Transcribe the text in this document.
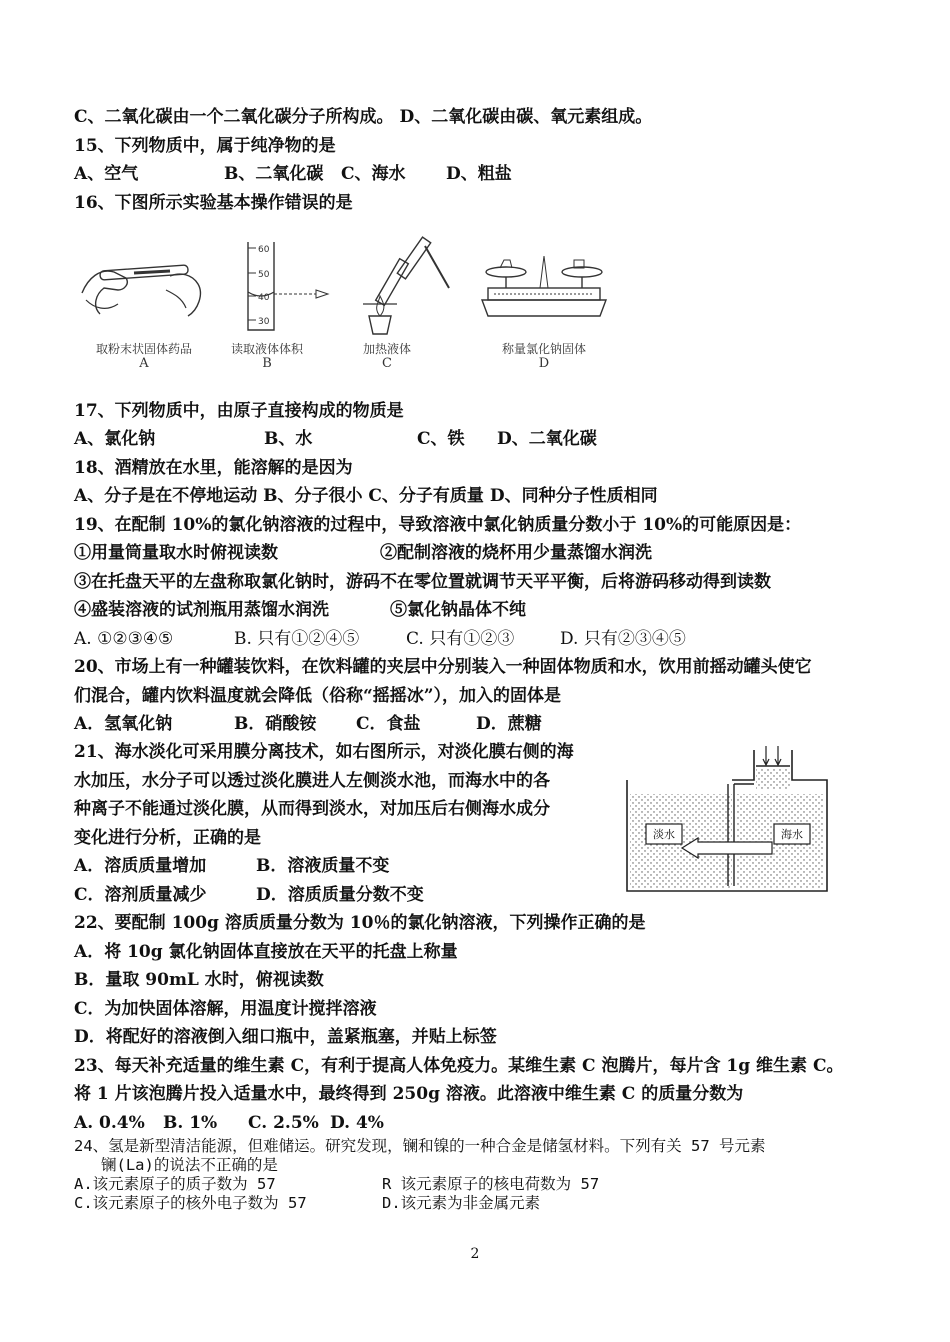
C、二氧化碳由一个二氧化碳分子所构成。 D、二氧化碳由碳、氧元素组成。
15、下列物质中，属于纯净物的是
A、空气	B、二氧化碳 C、海水 D、粗盐
16、下图所示实验基本操作错误的是
60
50
40
30
取粉末状固体药品	读取液体体积	加热液体	称量氯化钠固体
A	B	C	D
17、下列物质中，由原子直接构成的物质是
A、氯化钠	B、水	C、铁 D、二氧化碳
18、酒精放在水里，能溶解的是因为
A、分子是在不停地运动 B、分子很小 C、分子有质量 D、同种分子性质相同
19、在配制 10%的氯化钠溶液的过程中，导致溶液中氯化钠质量分数小于 10%的可能原因是：
①用量筒量取水时俯视读数	②配制溶液的烧杯用少量蒸馏水润洗
③在托盘天平的左盘称取氯化钠时，游码不在零位置就调节天平平衡，后将游码移动得到读数
④盛装溶液的试剂瓶用蒸馏水润洗	⑤氯化钠晶体不纯
A. ①②③④⑤	B. 只有①②④⑤	C. 只有①②③	D. 只有②③④⑤
20、市场上有一种罐装饮料，在饮料罐的夹层中分别装入一种固体物质和水，饮用前摇动罐头使它
们混合，罐内饮料温度就会降低（俗称“摇摇冰”），加入的固体是
A．氢氧化钠	B．硝酸铵 C．食盐	D．蔗糖
21、海水淡化可采用膜分离技术，如右图所示，对淡化膜右侧的海
水加压，水分子可以透过淡化膜进人左侧淡水池，而海水中的各
种离子不能通过淡化膜，从而得到淡水，对加压后右侧海水成分
变化进行分析，正确的是
A．溶质质量增加	B．溶液质量不变
C．溶剂质量减少	D．溶质质量分数不变
淡水	海水
22、要配制 100g 溶质质量分数为 10％的氯化钠溶液，下列操作正确的是
A．将 10g 氯化钠固体直接放在天平的托盘上称量
B．量取 90mL 水时，俯视读数
C．为加快固体溶解，用温度计搅拌溶液
D．将配好的溶液倒入细口瓶中，盖紧瓶塞，并贴上标签
23、每天补充适量的维生素 C，有利于提高人体免疫力。某维生素 C 泡腾片，每片含 1g 维生素 C。
将 1 片该泡腾片投入适量水中，最终得到 250g 溶液。此溶液中维生素 C 的质量分数为
A. 0.4% B. 1% C. 2.5% D. 4%
24、氢是新型清洁能源，但难储运。研究发现，镧和镍的一种合金是储氢材料。下列有关 57 号元素
镧(La)的说法不正确的是
A.该元素原子的质子数为 57	R 该元素原子的核电荷数为 57
C.该元素原子的核外电子数为 57	D.该元素为非金属元素
2
